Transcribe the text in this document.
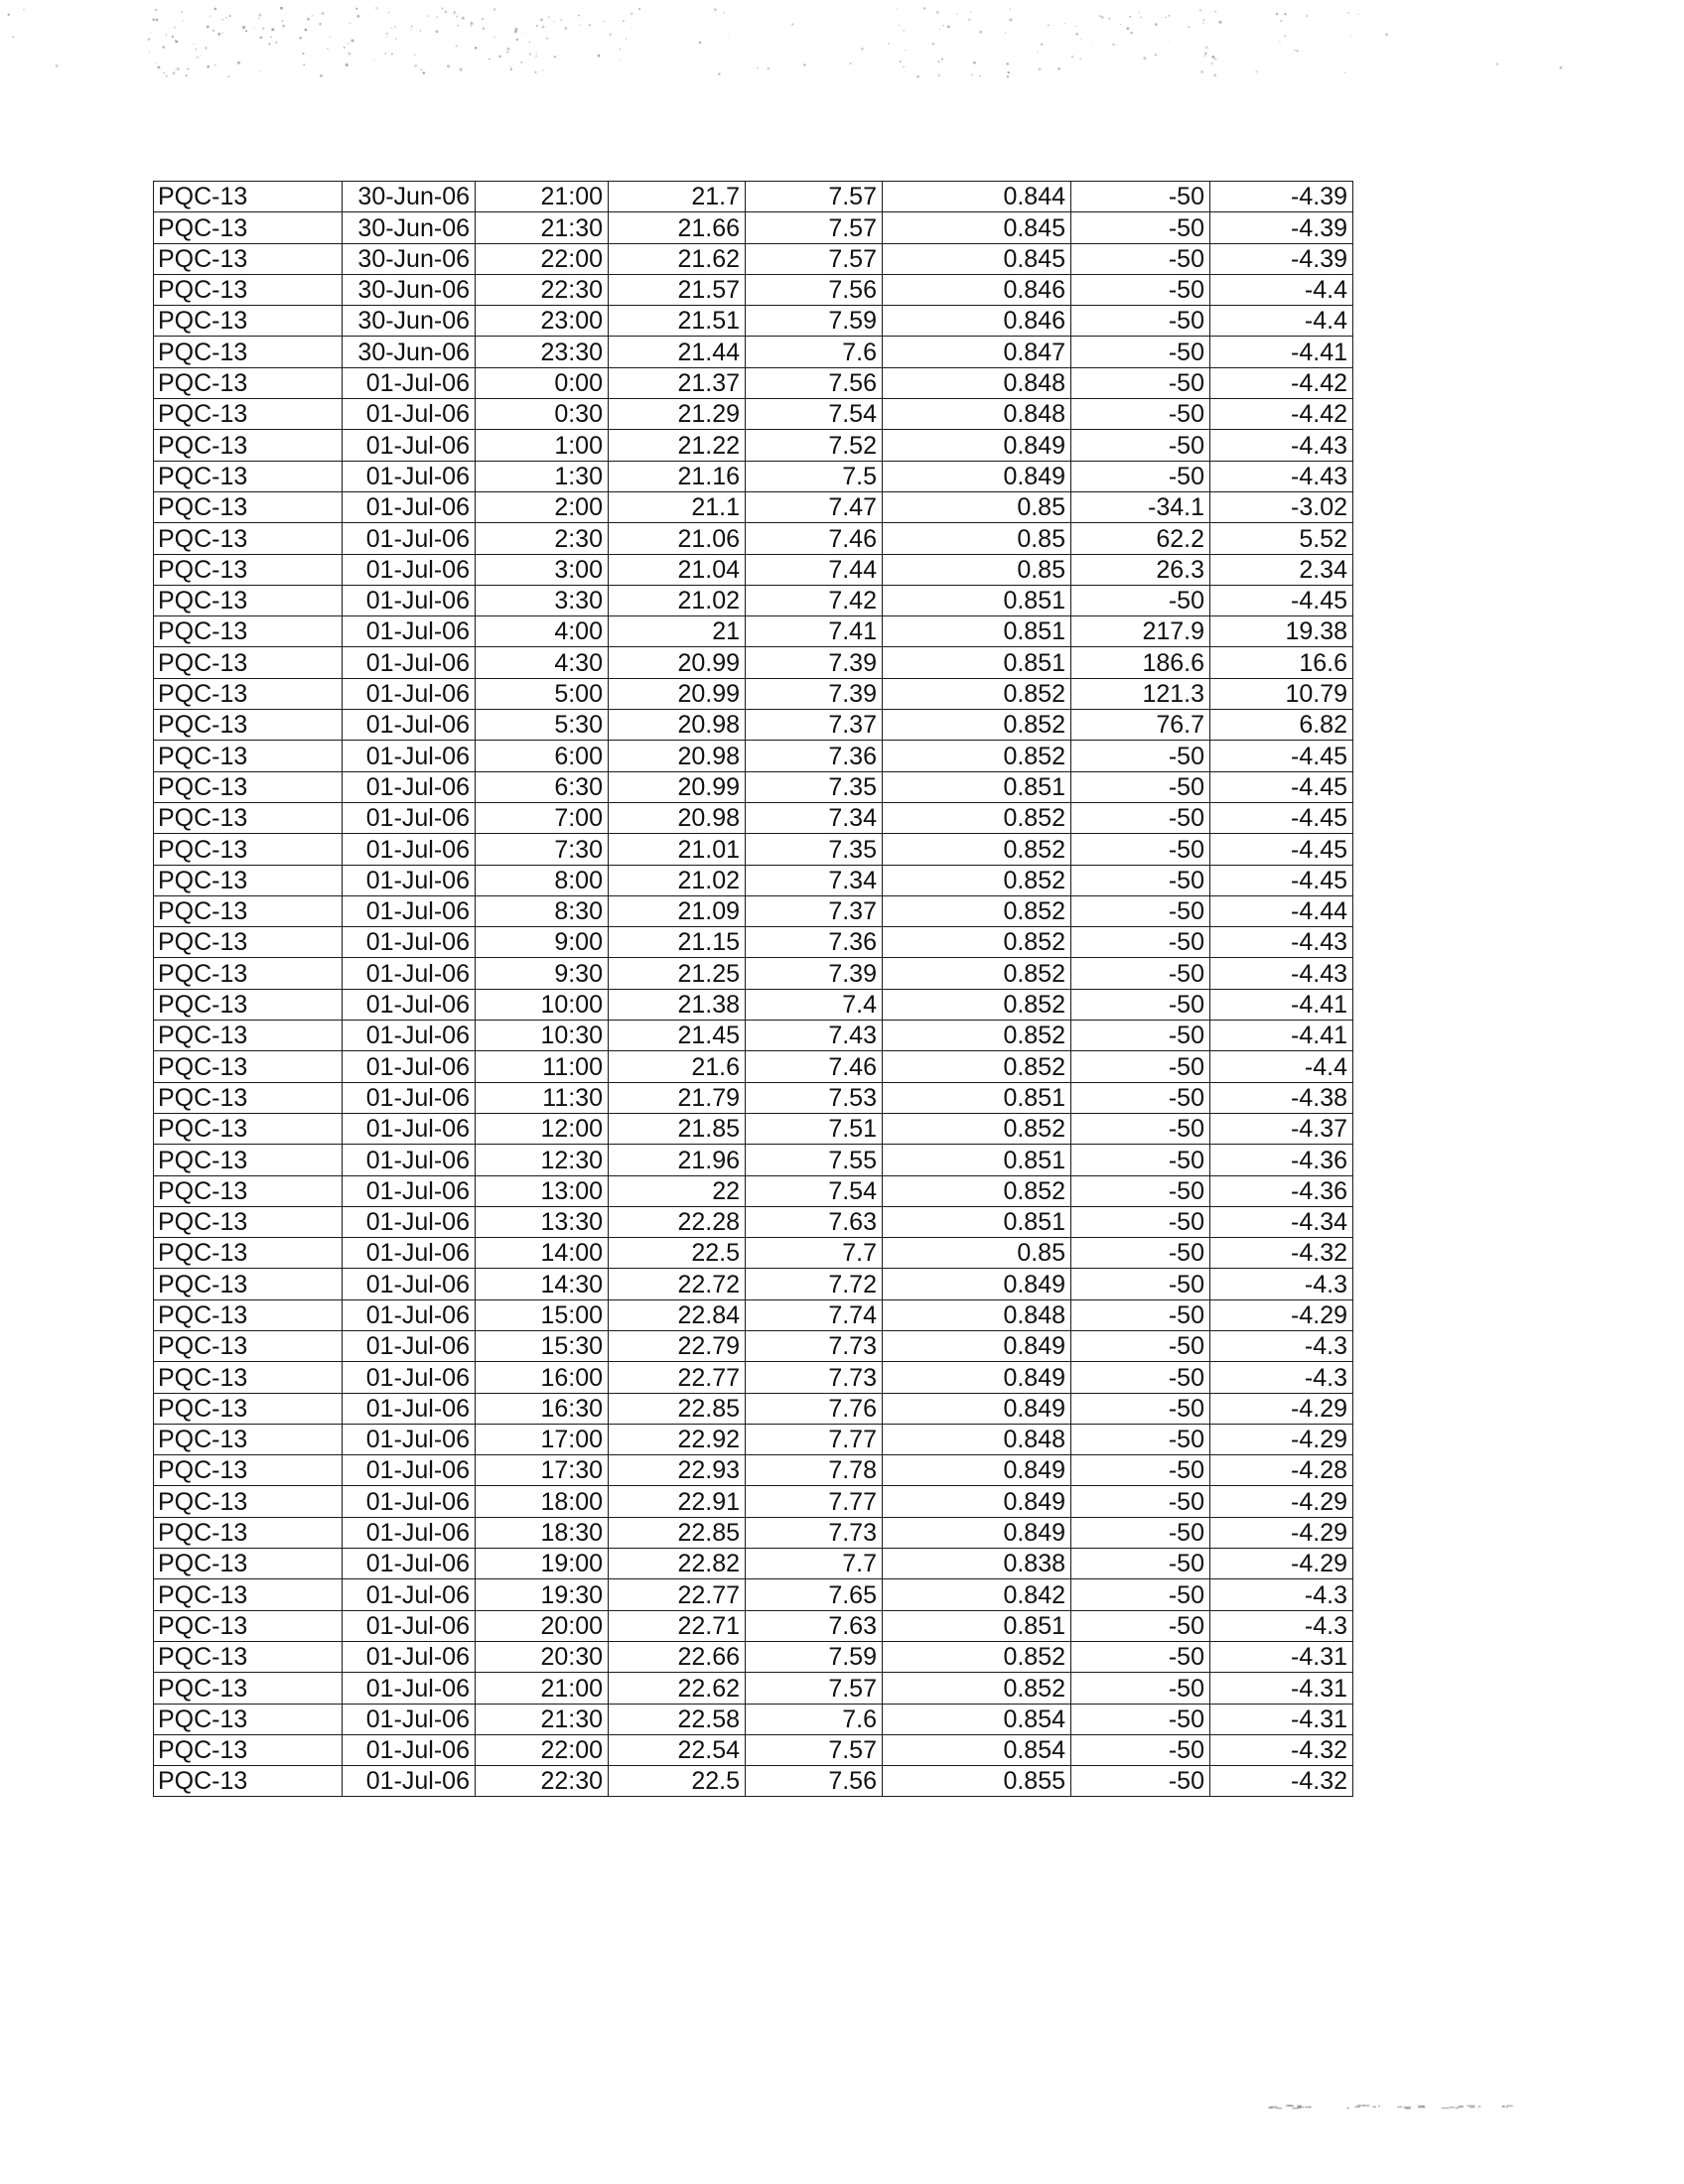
PQC-13	30-Jun-06	21:00	21.7	7.57	0.844	-50	-4.39
PQC-13	30-Jun-06	21:30	21.66	7.57	0.845	-50	-4.39
PQC-13	30-Jun-06	22:00	21.62	7.57	0.845	-50	-4.39
PQC-13	30-Jun-06	22:30	21.57	7.56	0.846	-50	-4.4
PQC-13	30-Jun-06	23:00	21.51	7.59	0.846	-50	-4.4
PQC-13	30-Jun-06	23:30	21.44	7.6	0.847	-50	-4.41
PQC-13	01-Jul-06	0:00	21.37	7.56	0.848	-50	-4.42
PQC-13	01-Jul-06	0:30	21.29	7.54	0.848	-50	-4.42
PQC-13	01-Jul-06	1:00	21.22	7.52	0.849	-50	-4.43
PQC-13	01-Jul-06	1:30	21.16	7.5	0.849	-50	-4.43
PQC-13	01-Jul-06	2:00	21.1	7.47	0.85	-34.1	-3.02
PQC-13	01-Jul-06	2:30	21.06	7.46	0.85	62.2	5.52
PQC-13	01-Jul-06	3:00	21.04	7.44	0.85	26.3	2.34
PQC-13	01-Jul-06	3:30	21.02	7.42	0.851	-50	-4.45
PQC-13	01-Jul-06	4:00	21	7.41	0.851	217.9	19.38
PQC-13	01-Jul-06	4:30	20.99	7.39	0.851	186.6	16.6
PQC-13	01-Jul-06	5:00	20.99	7.39	0.852	121.3	10.79
PQC-13	01-Jul-06	5:30	20.98	7.37	0.852	76.7	6.82
PQC-13	01-Jul-06	6:00	20.98	7.36	0.852	-50	-4.45
PQC-13	01-Jul-06	6:30	20.99	7.35	0.851	-50	-4.45
PQC-13	01-Jul-06	7:00	20.98	7.34	0.852	-50	-4.45
PQC-13	01-Jul-06	7:30	21.01	7.35	0.852	-50	-4.45
PQC-13	01-Jul-06	8:00	21.02	7.34	0.852	-50	-4.45
PQC-13	01-Jul-06	8:30	21.09	7.37	0.852	-50	-4.44
PQC-13	01-Jul-06	9:00	21.15	7.36	0.852	-50	-4.43
PQC-13	01-Jul-06	9:30	21.25	7.39	0.852	-50	-4.43
PQC-13	01-Jul-06	10:00	21.38	7.4	0.852	-50	-4.41
PQC-13	01-Jul-06	10:30	21.45	7.43	0.852	-50	-4.41
PQC-13	01-Jul-06	11:00	21.6	7.46	0.852	-50	-4.4
PQC-13	01-Jul-06	11:30	21.79	7.53	0.851	-50	-4.38
PQC-13	01-Jul-06	12:00	21.85	7.51	0.852	-50	-4.37
PQC-13	01-Jul-06	12:30	21.96	7.55	0.851	-50	-4.36
PQC-13	01-Jul-06	13:00	22	7.54	0.852	-50	-4.36
PQC-13	01-Jul-06	13:30	22.28	7.63	0.851	-50	-4.34
PQC-13	01-Jul-06	14:00	22.5	7.7	0.85	-50	-4.32
PQC-13	01-Jul-06	14:30	22.72	7.72	0.849	-50	-4.3
PQC-13	01-Jul-06	15:00	22.84	7.74	0.848	-50	-4.29
PQC-13	01-Jul-06	15:30	22.79	7.73	0.849	-50	-4.3
PQC-13	01-Jul-06	16:00	22.77	7.73	0.849	-50	-4.3
PQC-13	01-Jul-06	16:30	22.85	7.76	0.849	-50	-4.29
PQC-13	01-Jul-06	17:00	22.92	7.77	0.848	-50	-4.29
PQC-13	01-Jul-06	17:30	22.93	7.78	0.849	-50	-4.28
PQC-13	01-Jul-06	18:00	22.91	7.77	0.849	-50	-4.29
PQC-13	01-Jul-06	18:30	22.85	7.73	0.849	-50	-4.29
PQC-13	01-Jul-06	19:00	22.82	7.7	0.838	-50	-4.29
PQC-13	01-Jul-06	19:30	22.77	7.65	0.842	-50	-4.3
PQC-13	01-Jul-06	20:00	22.71	7.63	0.851	-50	-4.3
PQC-13	01-Jul-06	20:30	22.66	7.59	0.852	-50	-4.31
PQC-13	01-Jul-06	21:00	22.62	7.57	0.852	-50	-4.31
PQC-13	01-Jul-06	21:30	22.58	7.6	0.854	-50	-4.31
PQC-13	01-Jul-06	22:00	22.54	7.57	0.854	-50	-4.32
PQC-13	01-Jul-06	22:30	22.5	7.56	0.855	-50	-4.32
